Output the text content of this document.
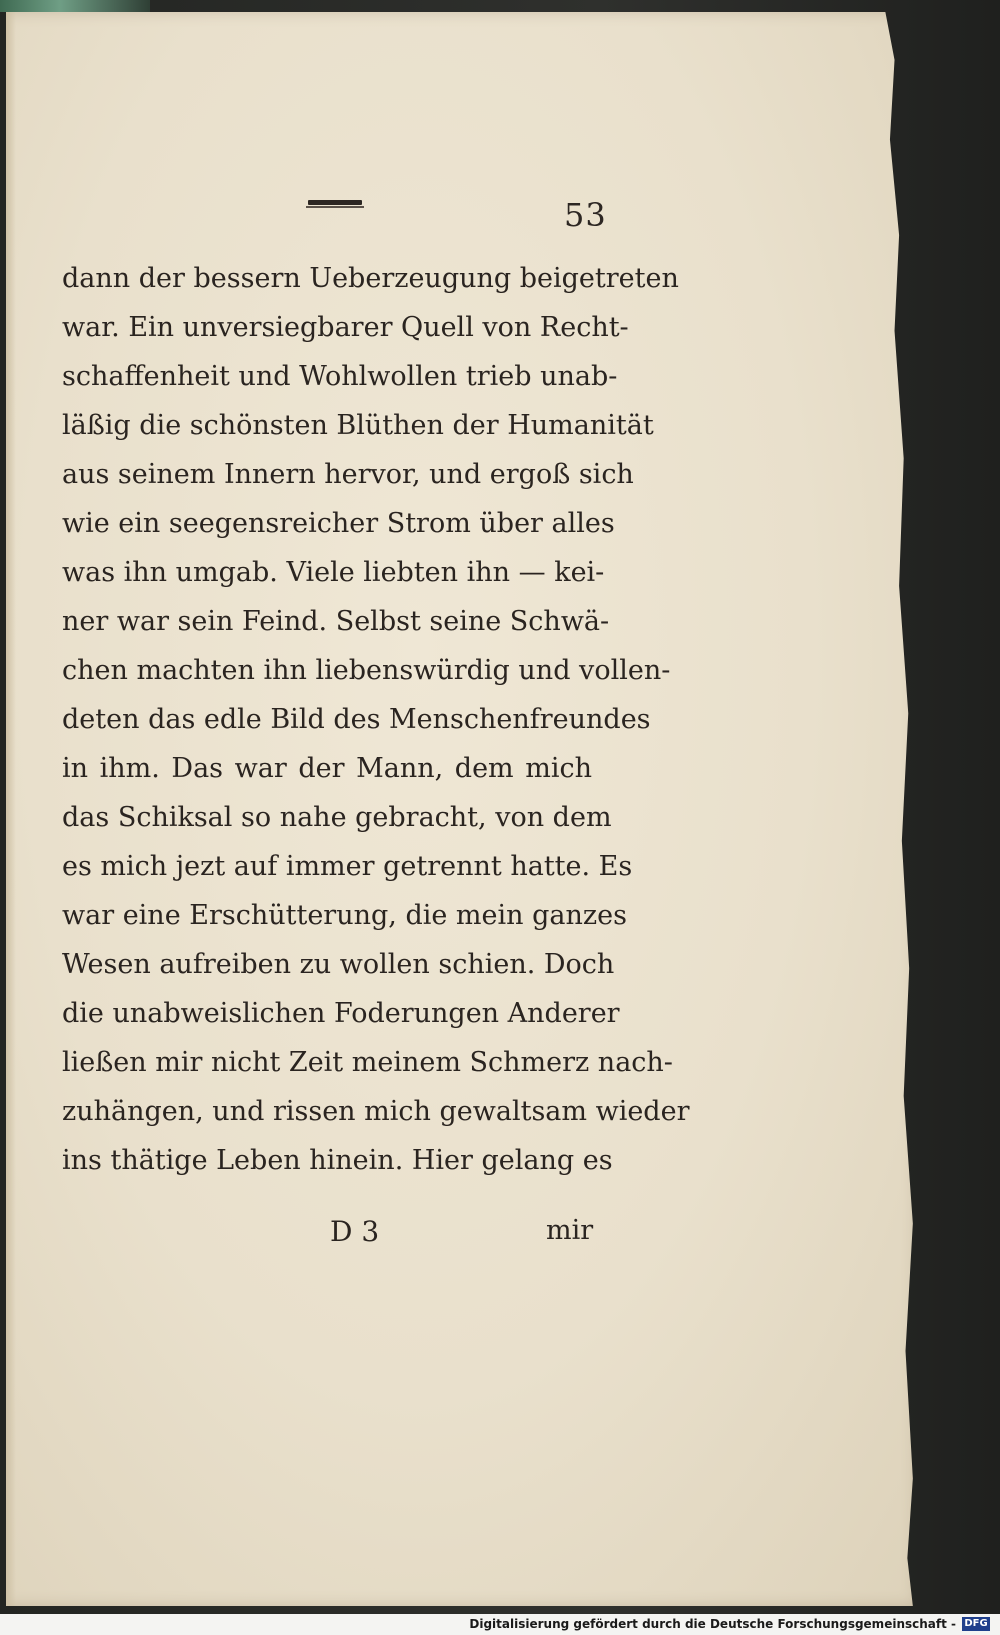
53
dann der bessern Ueberzeugung beigetreten
war. Ein unversiegbarer Quell von Recht-
schaffenheit und Wohlwollen trieb unab-
läßig die schönsten Blüthen der Humanität
aus seinem Innern hervor, und ergoß sich
wie ein seegensreicher Strom über alles
was ihn umgab. Viele liebten ihn — kei-
ner war sein Feind. Selbst seine Schwä-
chen machten ihn liebenswürdig und vollen-
deten das edle Bild des Menschenfreundes
in ihm. Das war der Mann, dem mich
das Schiksal so nahe gebracht, von dem
es mich jezt auf immer getrennt hatte. Es
war eine Erschütterung, die mein ganzes
Wesen aufreiben zu wollen schien. Doch
die unabweislichen Foderungen Anderer
ließen mir nicht Zeit meinem Schmerz nach-
zuhängen, und rissen mich gewaltsam wieder
ins thätige Leben hinein. Hier gelang es
D 3	mir
Digitalisierung gefördert durch die Deutsche Forschungsgemeinschaft - DFG
